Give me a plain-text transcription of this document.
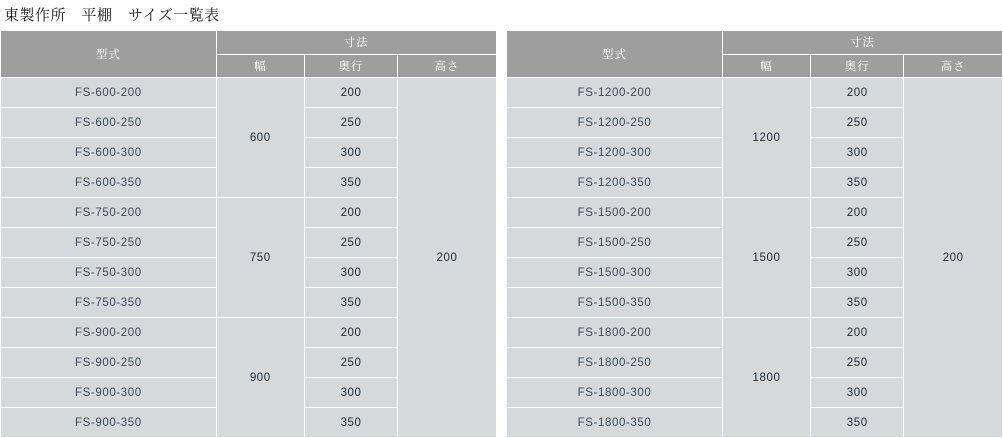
東製作所　平棚　サイズ一覧表
型式	寸法				型式	寸法		
	幅	奥行	高さ			幅	奥行	高さ
FS-600-200	600	200	200		FS-1200-200	1200	200	200
FS-600-250		250			FS-1200-250		250	
FS-600-300		300			FS-1200-300		300	
FS-600-350		350			FS-1200-350		350	
FS-750-200	750	200			FS-1500-200	1500	200	
FS-750-250		250			FS-1500-250		250	
FS-750-300		300			FS-1500-300		300	
FS-750-350		350			FS-1500-350		350	
FS-900-200	900	200			FS-1800-200	1800	200	
FS-900-250		250			FS-1800-250		250	
FS-900-300		300			FS-1800-300		300	
FS-900-350		350			FS-1800-350		350	
